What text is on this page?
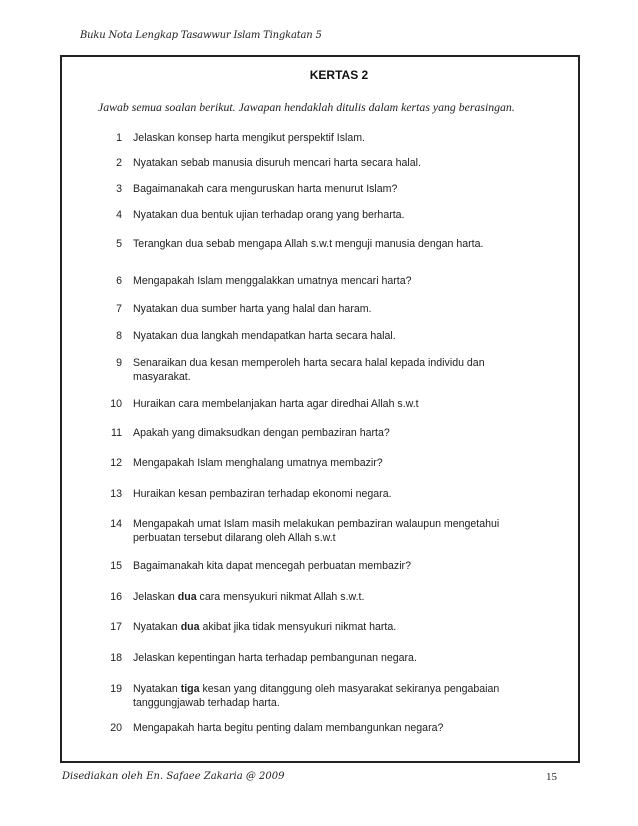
Buku Nota Lengkap Tasawwur Islam Tingkatan 5
KERTAS 2
Jawab semua soalan berikut. Jawapan hendaklah ditulis dalam kertas yang berasingan.
1 Jelaskan konsep harta mengikut perspektif Islam.
2 Nyatakan sebab manusia disuruh mencari harta secara halal.
3 Bagaimanakah cara menguruskan harta menurut Islam?
4 Nyatakan dua bentuk ujian terhadap orang yang berharta.
5 Terangkan dua sebab mengapa Allah s.w.t menguji manusia dengan harta.
6 Mengapakah Islam menggalakkan umatnya mencari harta?
7 Nyatakan dua sumber harta yang halal dan haram.
8 Nyatakan dua langkah mendapatkan harta secara halal.
9 Senaraikan dua kesan memperoleh harta secara halal kepada individu dan masyarakat.
10 Huraikan cara membelanjakan harta agar diredhai Allah s.w.t
11 Apakah yang dimaksudkan dengan pembaziran harta?
12 Mengapakah Islam menghalang umatnya membazir?
13 Huraikan kesan pembaziran terhadap ekonomi negara.
14 Mengapakah umat Islam masih melakukan pembaziran walaupun mengetahui perbuatan tersebut dilarang oleh Allah s.w.t
15 Bagaimanakah kita dapat mencegah perbuatan membazir?
16 Jelaskan dua cara mensyukuri nikmat Allah s.w.t.
17 Nyatakan dua akibat jika tidak mensyukuri nikmat harta.
18 Jelaskan kepentingan harta terhadap pembangunan negara.
19 Nyatakan tiga kesan yang ditanggung oleh masyarakat sekiranya pengabaian tanggungjawab terhadap harta.
20 Mengapakah harta begitu penting dalam membangunkan negara?
Disediakan oleh En. Safaee Zakaria @ 2009	15
